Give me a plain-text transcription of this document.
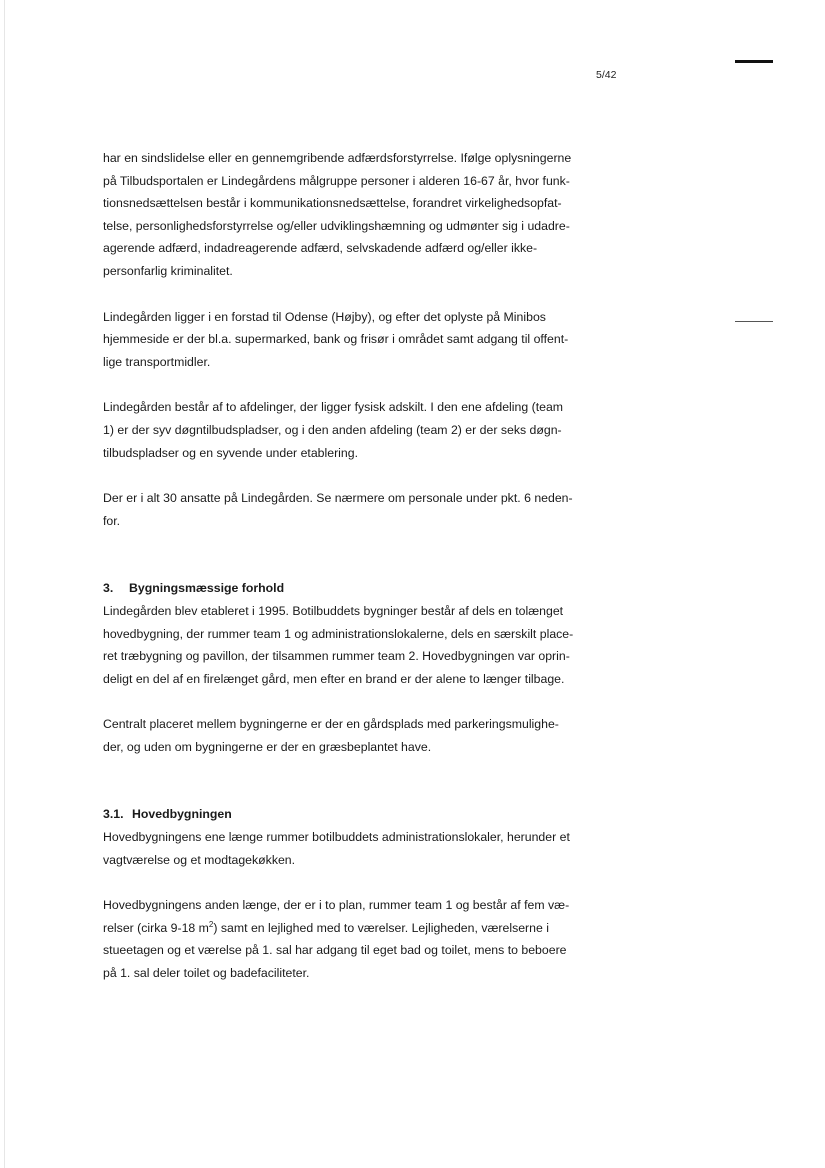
5/42

har en sindslidelse eller en gennemgribende adfærdsforstyrrelse. Ifølge oplysningerne
på Tilbudsportalen er Lindegårdens målgruppe personer i alderen 16-67 år, hvor funk-
tionsnedsættelsen består i kommunikationsnedsættelse, forandret virkelighedsopfat-
telse, personlighedsforstyrrelse og/eller udviklingshæmning og udmønter sig i udadre-
agerende adfærd, indadreagerende adfærd, selvskadende adfærd og/eller ikke-
personfarlig kriminalitet.

Lindegården ligger i en forstad til Odense (Højby), og efter det oplyste på Minibos
hjemmeside er der bl.a. supermarked, bank og frisør i området samt adgang til offent-
lige transportmidler.

Lindegården består af to afdelinger, der ligger fysisk adskilt. I den ene afdeling (team
1) er der syv døgntilbudspladser, og i den anden afdeling (team 2) er der seks døgn-
tilbudspladser og en syvende under etablering.

Der er i alt 30 ansatte på Lindegården. Se nærmere om personale under pkt. 6 neden-
for.

3. Bygningsmæssige forhold

Lindegården blev etableret i 1995. Botilbuddets bygninger består af dels en tolænget
hovedbygning, der rummer team 1 og administrationslokalerne, dels en særskilt place-
ret træbygning og pavillon, der tilsammen rummer team 2. Hovedbygningen var oprin-
deligt en del af en firelænget gård, men efter en brand er der alene to længer tilbage.

Centralt placeret mellem bygningerne er der en gårdsplads med parkeringsmulighe-
der, og uden om bygningerne er der en græsbeplantet have.

3.1. Hovedbygningen

Hovedbygningens ene længe rummer botilbuddets administrationslokaler, herunder et
vagtværelse og et modtagekøkken.

Hovedbygningens anden længe, der er i to plan, rummer team 1 og består af fem væ-
relser (cirka 9-18 $m^2$) samt en lejlighed med to værelser. Lejligheden, værelserne i
stueetagen og et værelse på 1. sal har adgang til eget bad og toilet, mens to beboere
på 1. sal deler toilet og badefaciliteter.
